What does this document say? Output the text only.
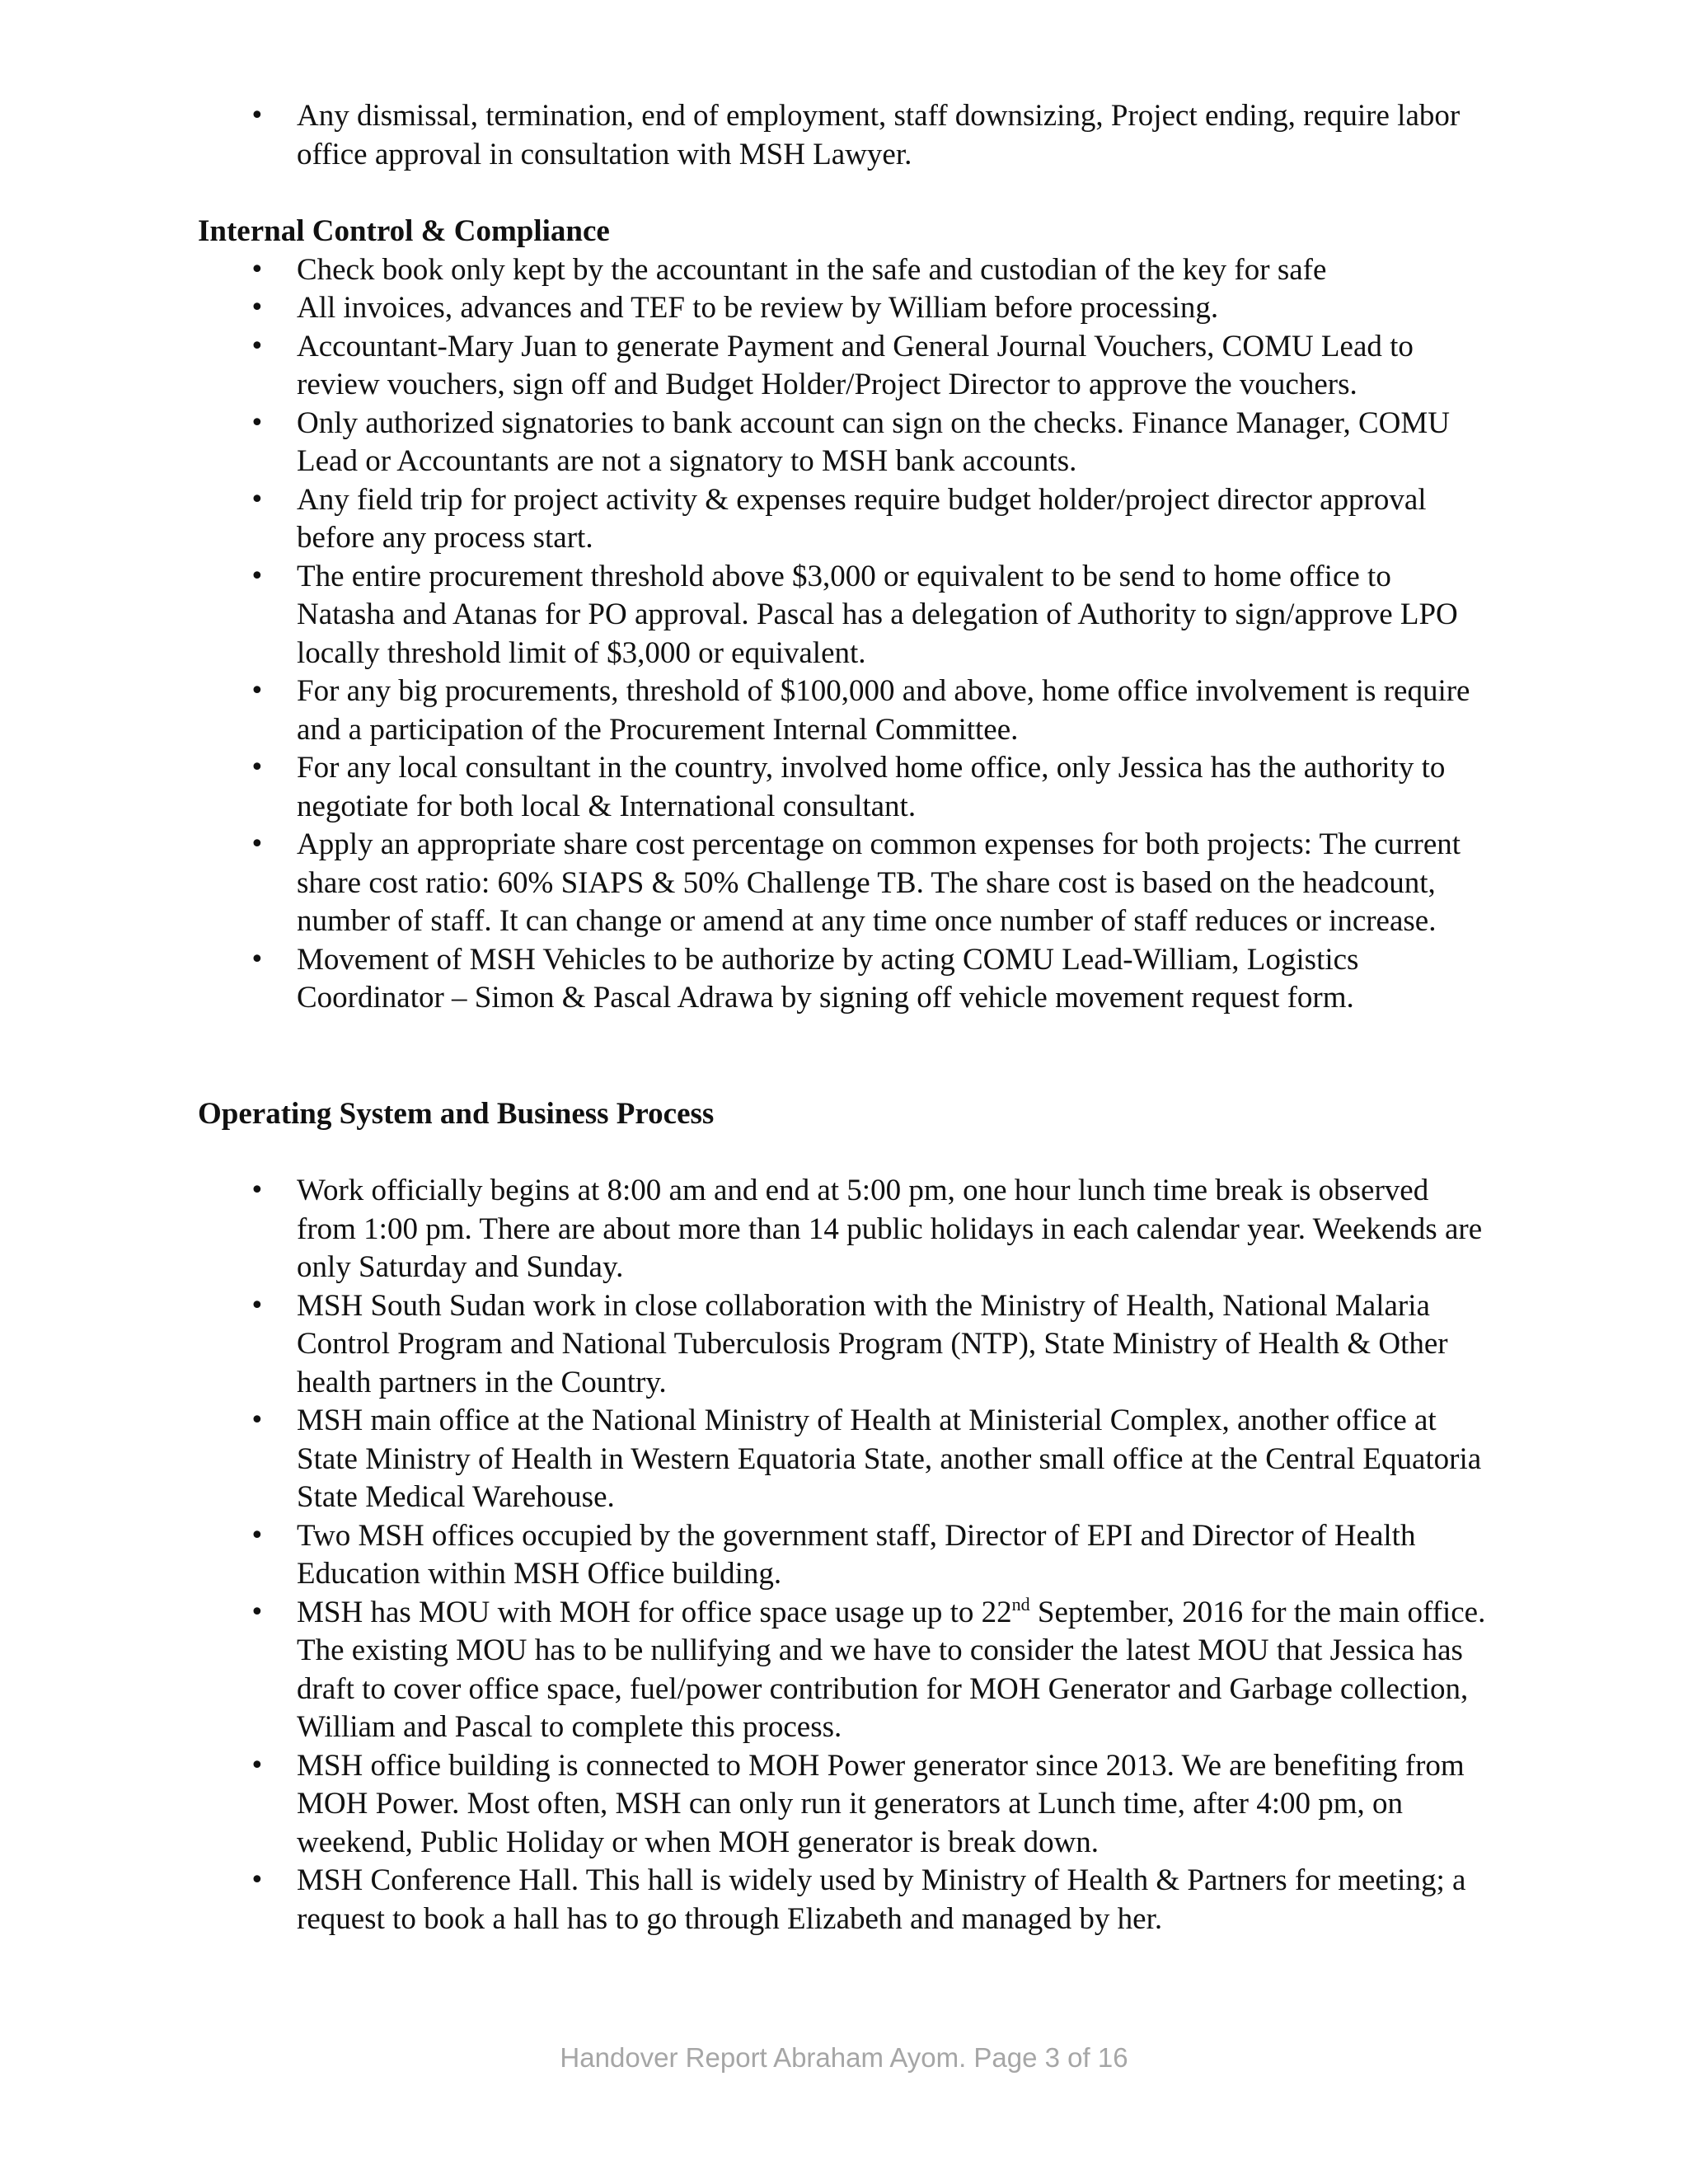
• Any dismissal, termination, end of employment, staff downsizing, Project ending, require labor office approval in consultation with MSH Lawyer.
Internal Control & Compliance
• Check book only kept by the accountant in the safe and custodian of the key for safe
• All invoices, advances and TEF to be review by William before processing.
• Accountant-Mary Juan to generate Payment and General Journal Vouchers, COMU Lead to review vouchers, sign off and Budget Holder/Project Director to approve the vouchers.
• Only authorized signatories to bank account can sign on the checks. Finance Manager, COMU Lead or Accountants are not a signatory to MSH bank accounts.
• Any field trip for project activity & expenses require budget holder/project director approval before any process start.
• The entire procurement threshold above $3,000 or equivalent to be send to home office to Natasha and Atanas for PO approval. Pascal has a delegation of Authority to sign/approve LPO locally threshold limit of $3,000 or equivalent.
• For any big procurements, threshold of $100,000 and above, home office involvement is require and a participation of the Procurement Internal Committee.
• For any local consultant in the country, involved home office, only Jessica has the authority to negotiate for both local & International consultant.
• Apply an appropriate share cost percentage on common expenses for both projects: The current share cost ratio: 60% SIAPS & 50% Challenge TB. The share cost is based on the headcount, number of staff. It can change or amend at any time once number of staff reduces or increase.
• Movement of MSH Vehicles to be authorize by acting COMU Lead-William, Logistics Coordinator – Simon & Pascal Adrawa by signing off vehicle movement request form.
Operating System and Business Process
• Work officially begins at 8:00 am and end at 5:00 pm, one hour lunch time break is observed from 1:00 pm. There are about more than 14 public holidays in each calendar year. Weekends are only Saturday and Sunday.
• MSH South Sudan work in close collaboration with the Ministry of Health, National Malaria Control Program and National Tuberculosis Program (NTP), State Ministry of Health & Other health partners in the Country.
• MSH main office at the National Ministry of Health at Ministerial Complex, another office at State Ministry of Health in Western Equatoria State, another small office at the Central Equatoria State Medical Warehouse.
• Two MSH offices occupied by the government staff, Director of EPI and Director of Health Education within MSH Office building.
• MSH has MOU with MOH for office space usage up to 22nd September, 2016 for the main office. The existing MOU has to be nullifying and we have to consider the latest MOU that Jessica has draft to cover office space, fuel/power contribution for MOH Generator and Garbage collection, William and Pascal to complete this process.
• MSH office building is connected to MOH Power generator since 2013. We are benefiting from MOH Power. Most often, MSH can only run it generators at Lunch time, after 4:00 pm, on weekend, Public Holiday or when MOH generator is break down.
• MSH Conference Hall. This hall is widely used by Ministry of Health & Partners for meeting; a request to book a hall has to go through Elizabeth and managed by her.
Handover Report Abraham Ayom. Page 3 of 16
